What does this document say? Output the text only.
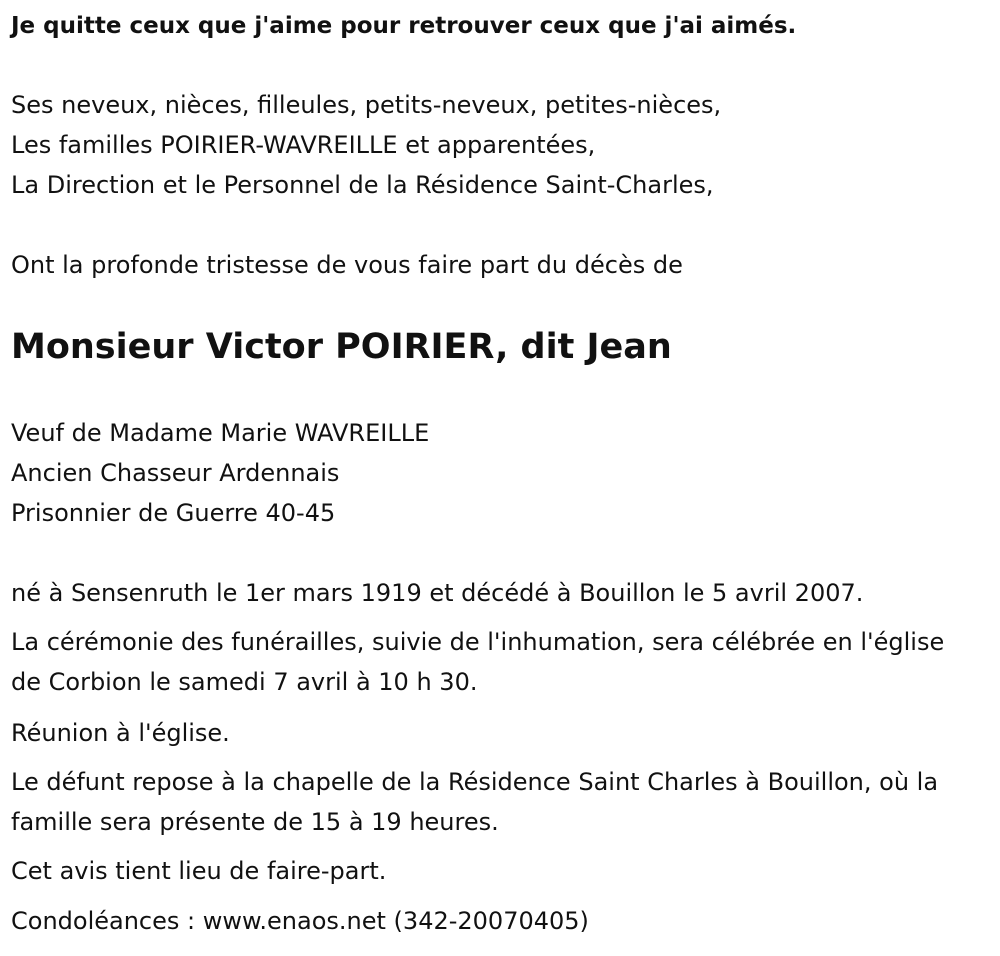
Je quitte ceux que j'aime pour retrouver ceux que j'ai aimés.
Ses neveux, nièces, filleules, petits-neveux, petites-nièces,
Les familles POIRIER-WAVREILLE et apparentées,
La Direction et le Personnel de la Résidence Saint-Charles,
Ont la profonde tristesse de vous faire part du décès de
Monsieur Victor POIRIER, dit Jean
Veuf de Madame Marie WAVREILLE
Ancien Chasseur Ardennais
Prisonnier de Guerre 40-45
né à Sensenruth le 1er mars 1919 et décédé à Bouillon le 5 avril 2007.
La cérémonie des funérailles, suivie de l'inhumation, sera célébrée en l'église de Corbion le samedi 7 avril à 10 h 30.
Réunion à l'église.
Le défunt repose à la chapelle de la Résidence Saint Charles à Bouillon, où la famille sera présente de 15 à 19 heures.
Cet avis tient lieu de faire-part.
Condoléances : www.enaos.net (342-20070405)
